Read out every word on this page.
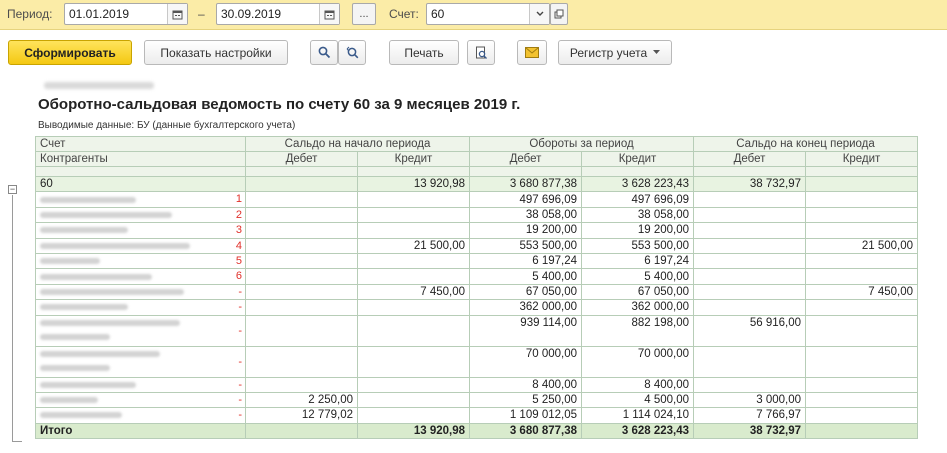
Период:	01.01.2019	–	30.09.2019	...	Счет:	60
Сформировать	Показать настройки	Печать	Регистр учета
Оборотно-сальдовая ведомость по счету 60 за 9 месяцев 2019 г.
Выводимые данные: БУ (данные бухгалтерского учета)
−
Счет	Сальдо на начало периода		Обороты за период		Сальдо на конец периода	
Контрагенты	Дебет	Кредит	Дебет	Кредит	Дебет	Кредит

60		13 920,98	3 680 877,38	3 628 223,43	38 732,97	

1			497 696,09	497 696,09		

2			38 058,00	38 058,00		

3			19 200,00	19 200,00		

4		21 500,00	553 500,00	553 500,00		21 500,00

5			6 197,24	6 197,24		

6			5 400,00	5 400,00		

-		7 450,00	67 050,00	67 050,00		7 450,00

-			362 000,00	362 000,00		

-			939 114,00	882 198,00	56 916,00	

-			70 000,00	70 000,00		

-			8 400,00	8 400,00		

-	2 250,00		5 250,00	4 500,00	3 000,00	

-	12 779,02		1 109 012,05	1 114 024,10	7 766,97	
Итого		13 920,98	3 680 877,38	3 628 223,43	38 732,97	
